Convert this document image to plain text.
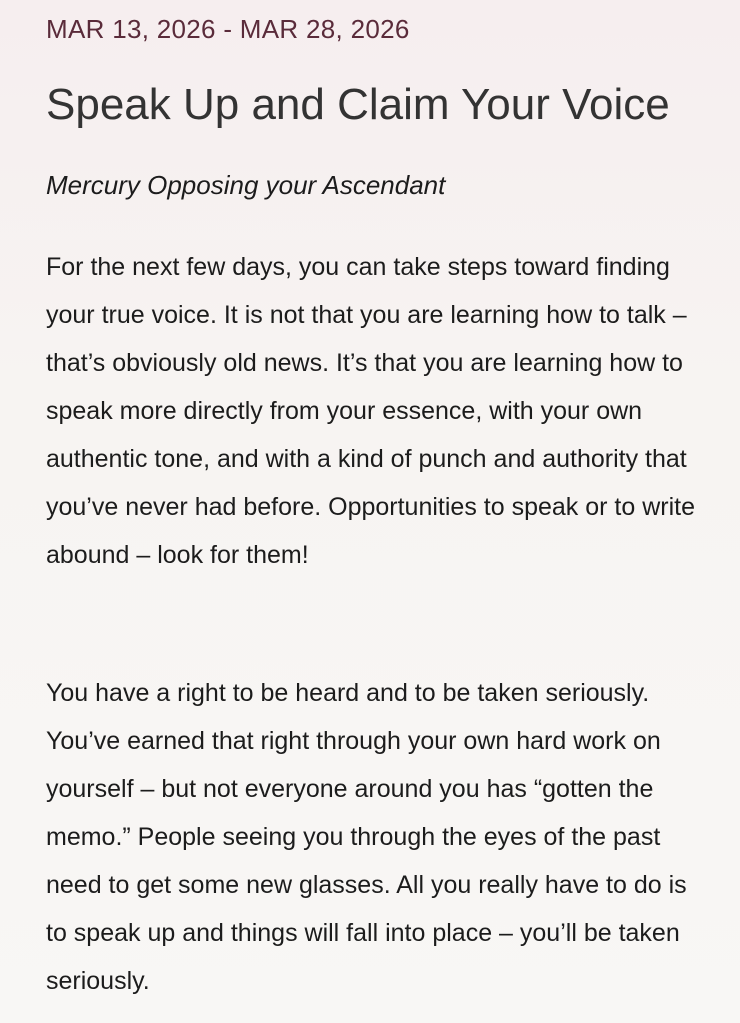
MAR 13, 2026 - MAR 28, 2026
Speak Up and Claim Your Voice
Mercury Opposing your Ascendant

For the next few days, you can take steps toward finding your true voice. It is not that you are learning how to talk – that’s obviously old news. It’s that you are learning how to speak more directly from your essence, with your own authentic tone, and with a kind of punch and authority that you’ve never had before. Opportunities to speak or to write abound – look for them!

You have a right to be heard and to be taken seriously. You’ve earned that right through your own hard work on yourself – but not everyone around you has “gotten the memo.” People seeing you through the eyes of the past need to get some new glasses. All you really have to do is to speak up and things will fall into place – you’ll be taken seriously.
